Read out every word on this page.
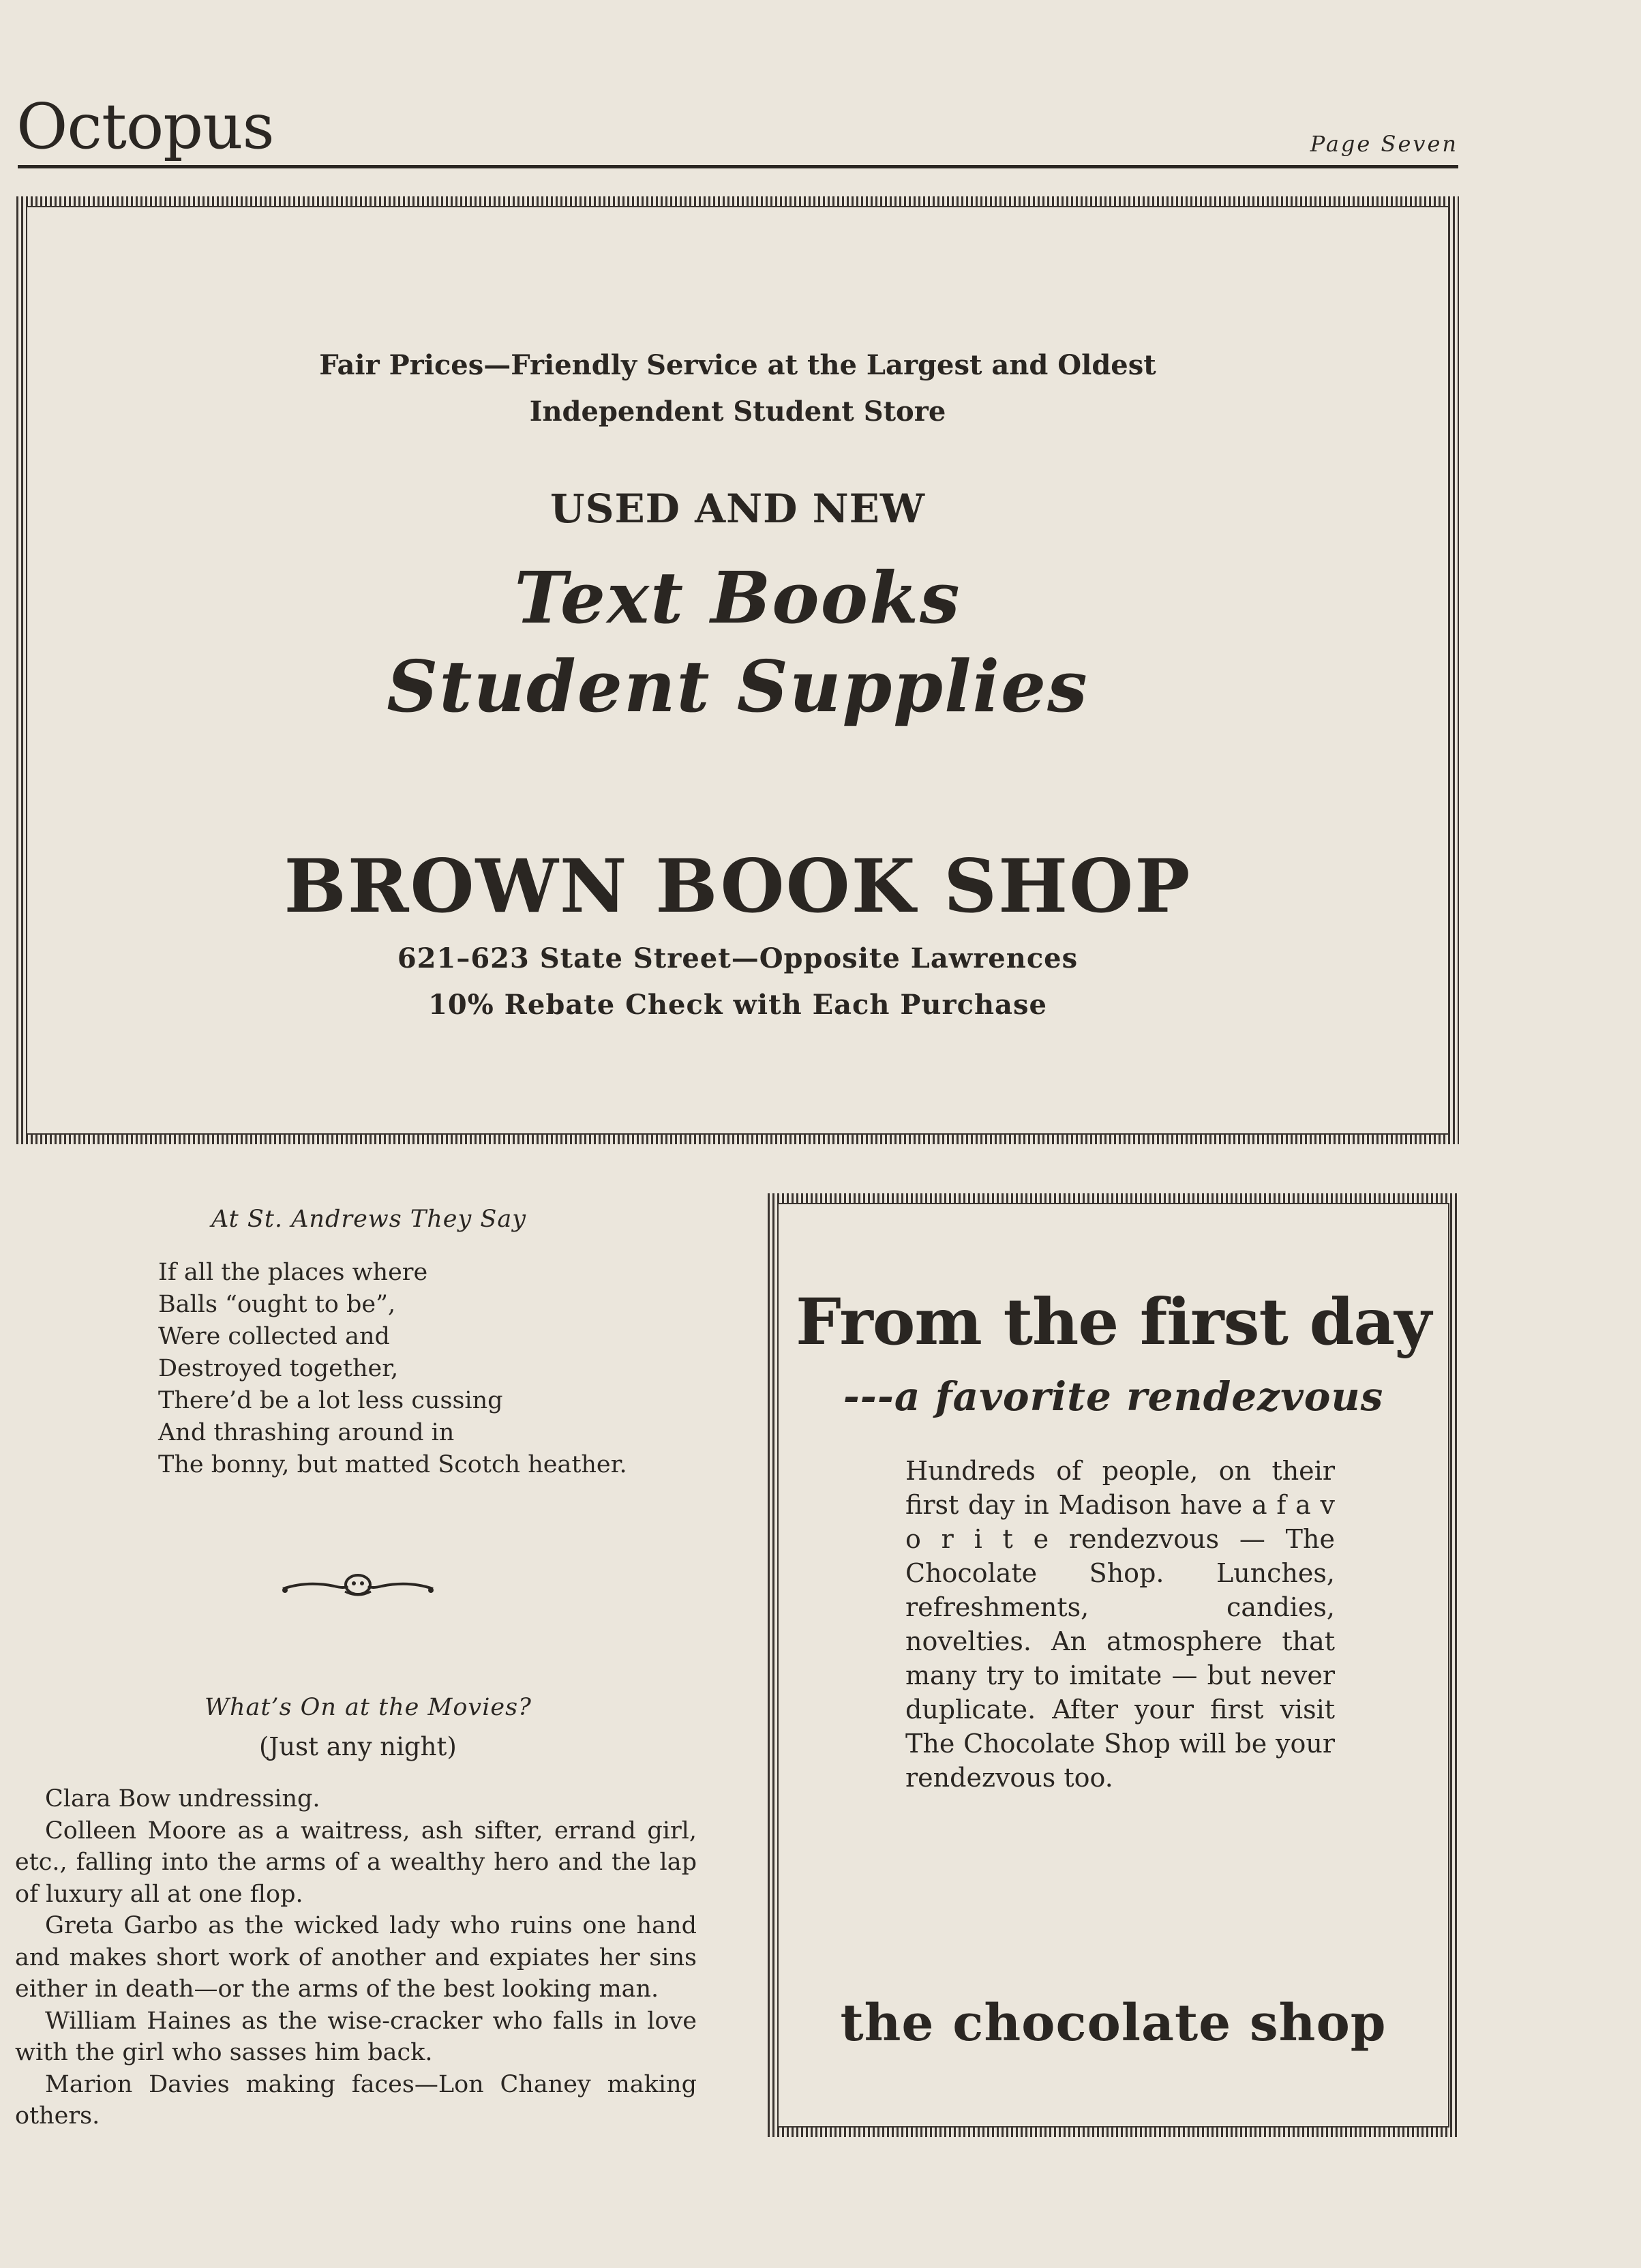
Octopus	Page Seven
Fair Prices—Friendly Service at the Largest and Oldest
Independent Student Store
USED AND NEW
Text Books
Student Supplies
BROWN BOOK SHOP
621–623 State Street—Opposite Lawrences
10% Rebate Check with Each Purchase
At St. Andrews They Say
If all the places where
Balls “ought to be”,
Were collected and
Destroyed together,
There’d be a lot less cussing
And thrashing around in
The bonny, but matted Scotch heather.
What’s On at the Movies?
(Just any night)

Clara Bow undressing.

Colleen Moore as a waitress, ash sifter, errand girl, etc., falling into the arms of a wealthy hero and the lap of luxury all at one flop.

Greta Garbo as the wicked lady who ruins one hand and makes short work of another and expiates her sins either in death—or the arms of the best looking man.

William Haines as the wise-cracker who falls in love with the girl who sasses him back.

Marion Davies making faces—Lon Chaney making others.

From the first day
---a favorite rendezvous
Hundreds of people, on their first day in Madison have a f a v o r i t e rendezvous — The Chocolate Shop. Lunches, refreshments, candies, novelties. An atmosphere that many try to imitate — but never duplicate. After your first visit The Chocolate Shop will be your rendezvous too.
the chocolate shop
